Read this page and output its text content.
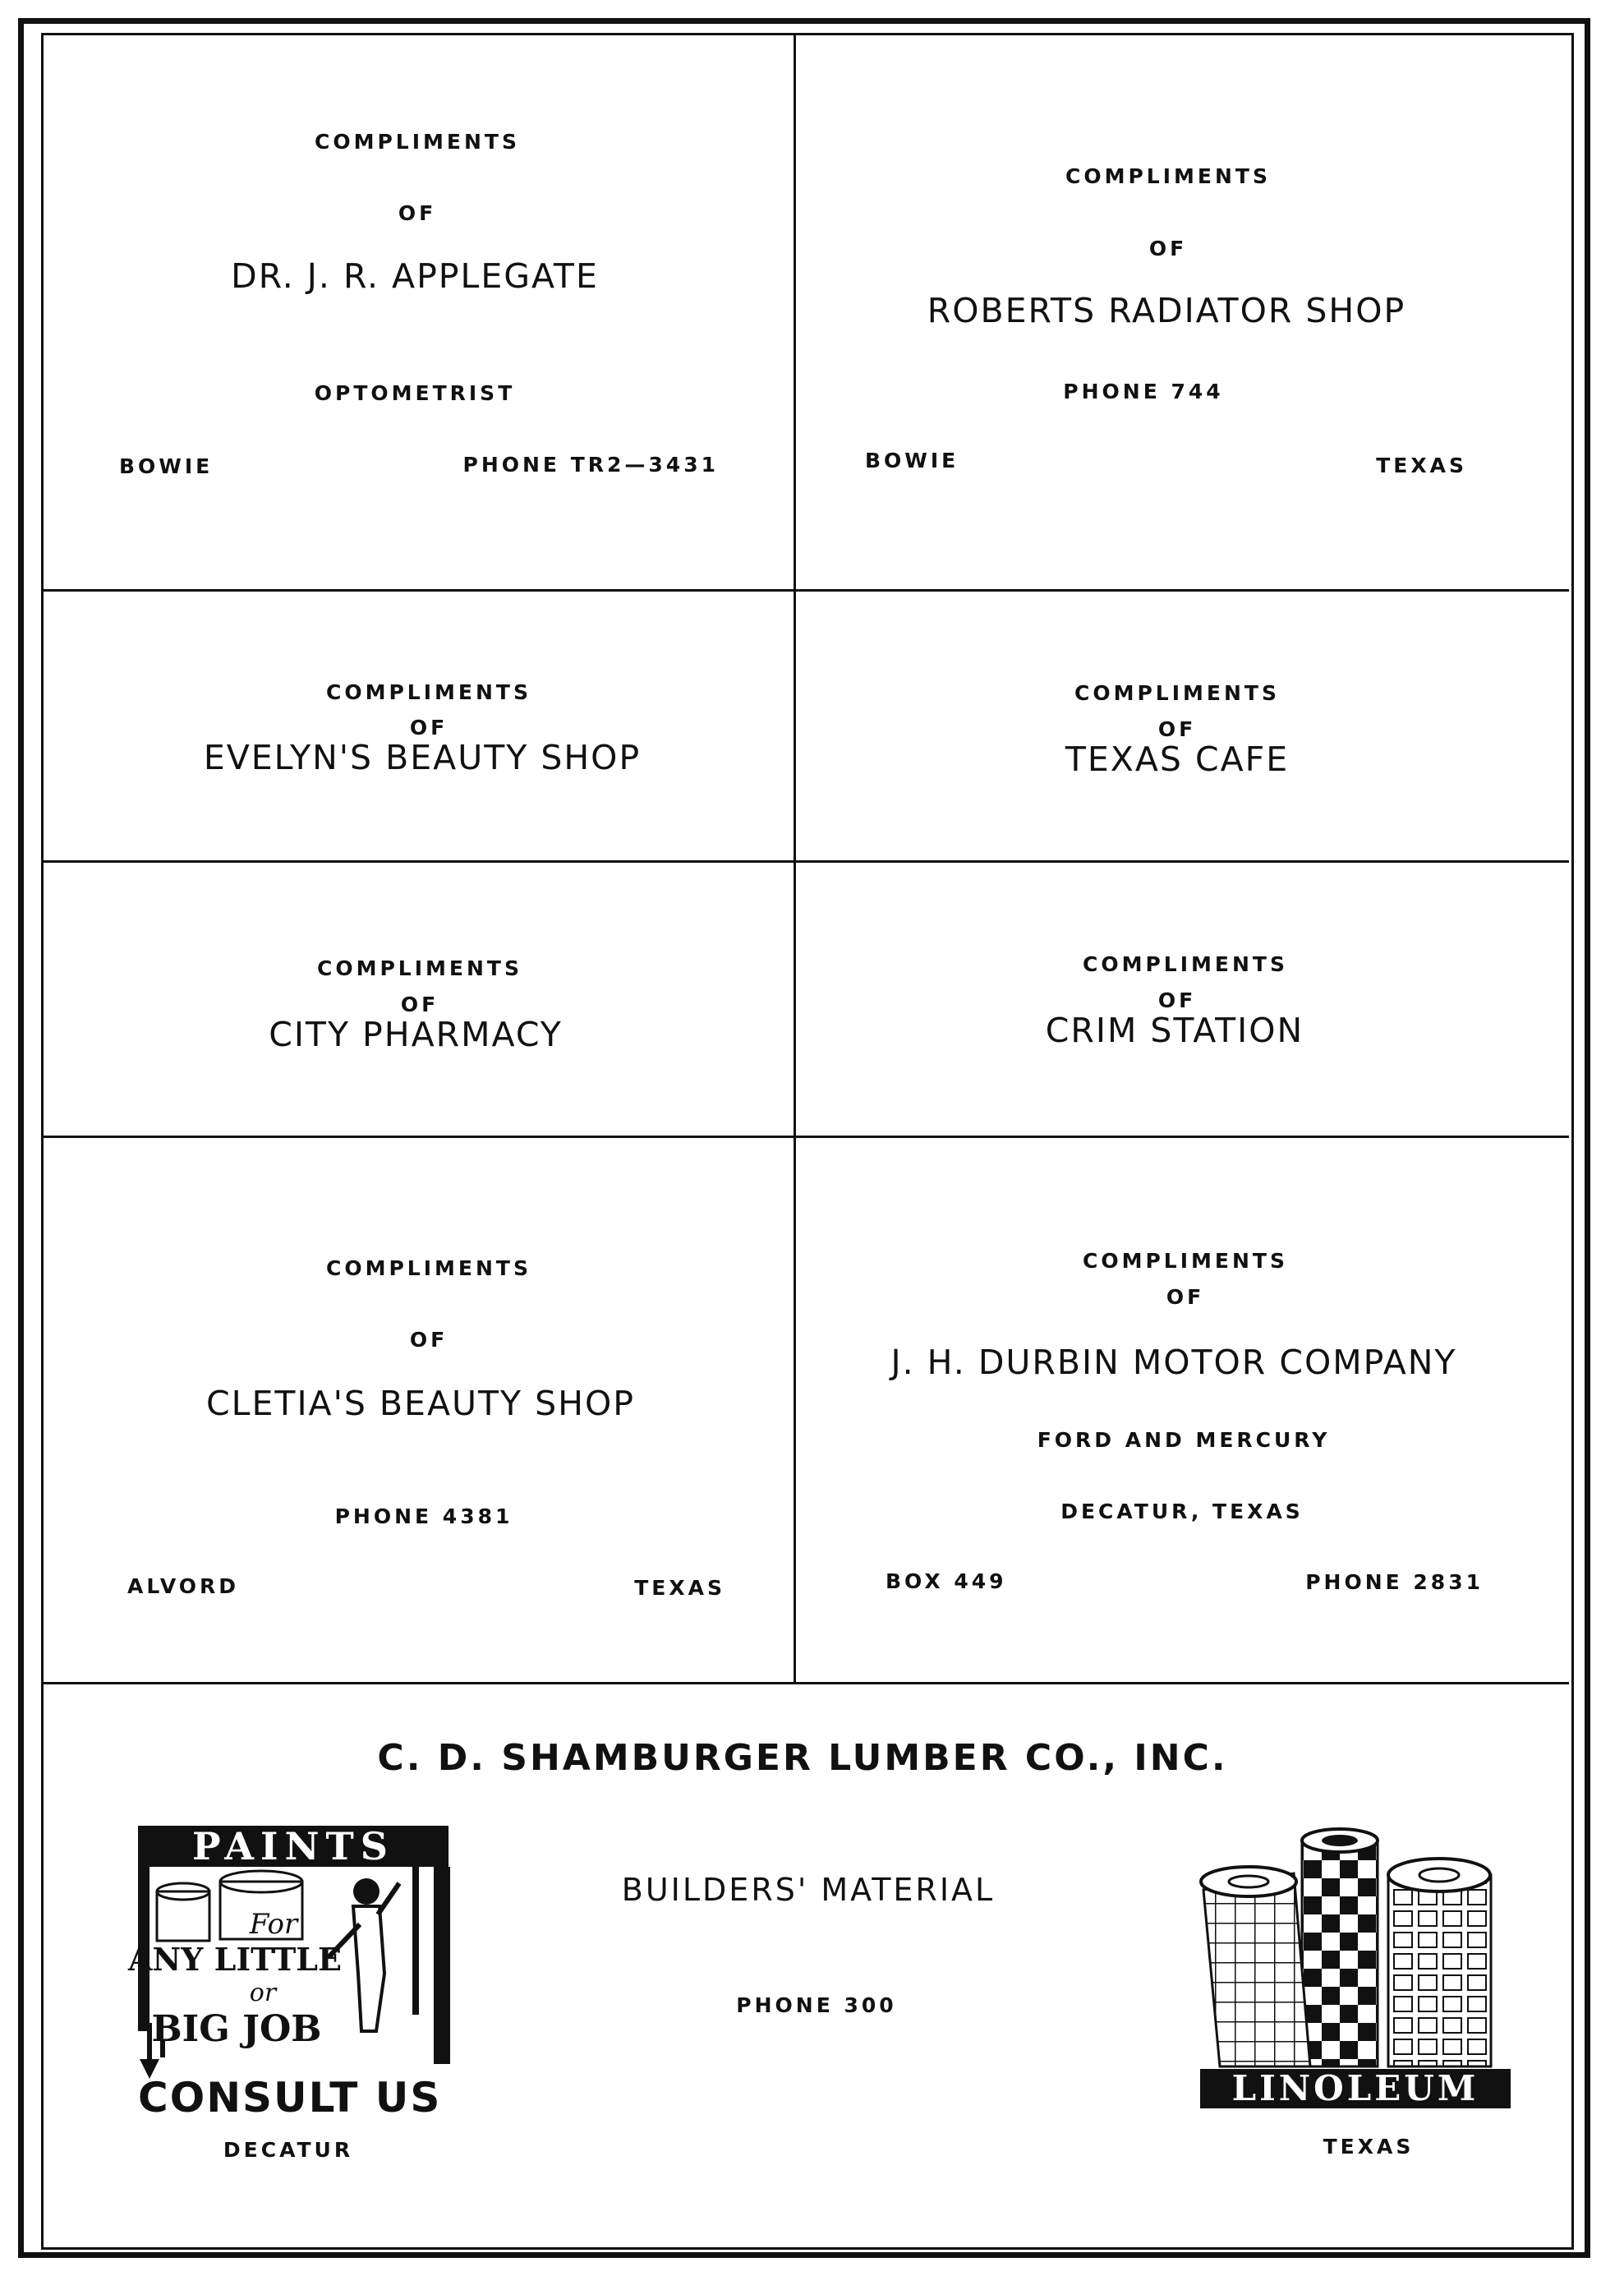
COMPLIMENTS
OF
DR. J. R. APPLEGATE
OPTOMETRIST
BOWIE	PHONE TR2—3431
COMPLIMENTS
OF
ROBERTS RADIATOR SHOP
PHONE 744
BOWIE	TEXAS
COMPLIMENTS
OF
EVELYN'S BEAUTY SHOP
COMPLIMENTS
OF
TEXAS CAFE
COMPLIMENTS
OF
CITY PHARMACY
COMPLIMENTS
OF
CRIM STATION
COMPLIMENTS
OF
CLETIA'S BEAUTY SHOP
PHONE 4381
ALVORD	TEXAS
COMPLIMENTS
OF
J. H. DURBIN MOTOR COMPANY
FORD AND MERCURY
DECATUR, TEXAS
BOX 449	PHONE 2831
C. D. SHAMBURGER LUMBER CO., INC.
BUILDERS' MATERIAL
PHONE 300
DECATUR	TEXAS
PAINTS
For
ANY LITTLE
or
BIG JOB
CONSULT US	LINOLEUM
